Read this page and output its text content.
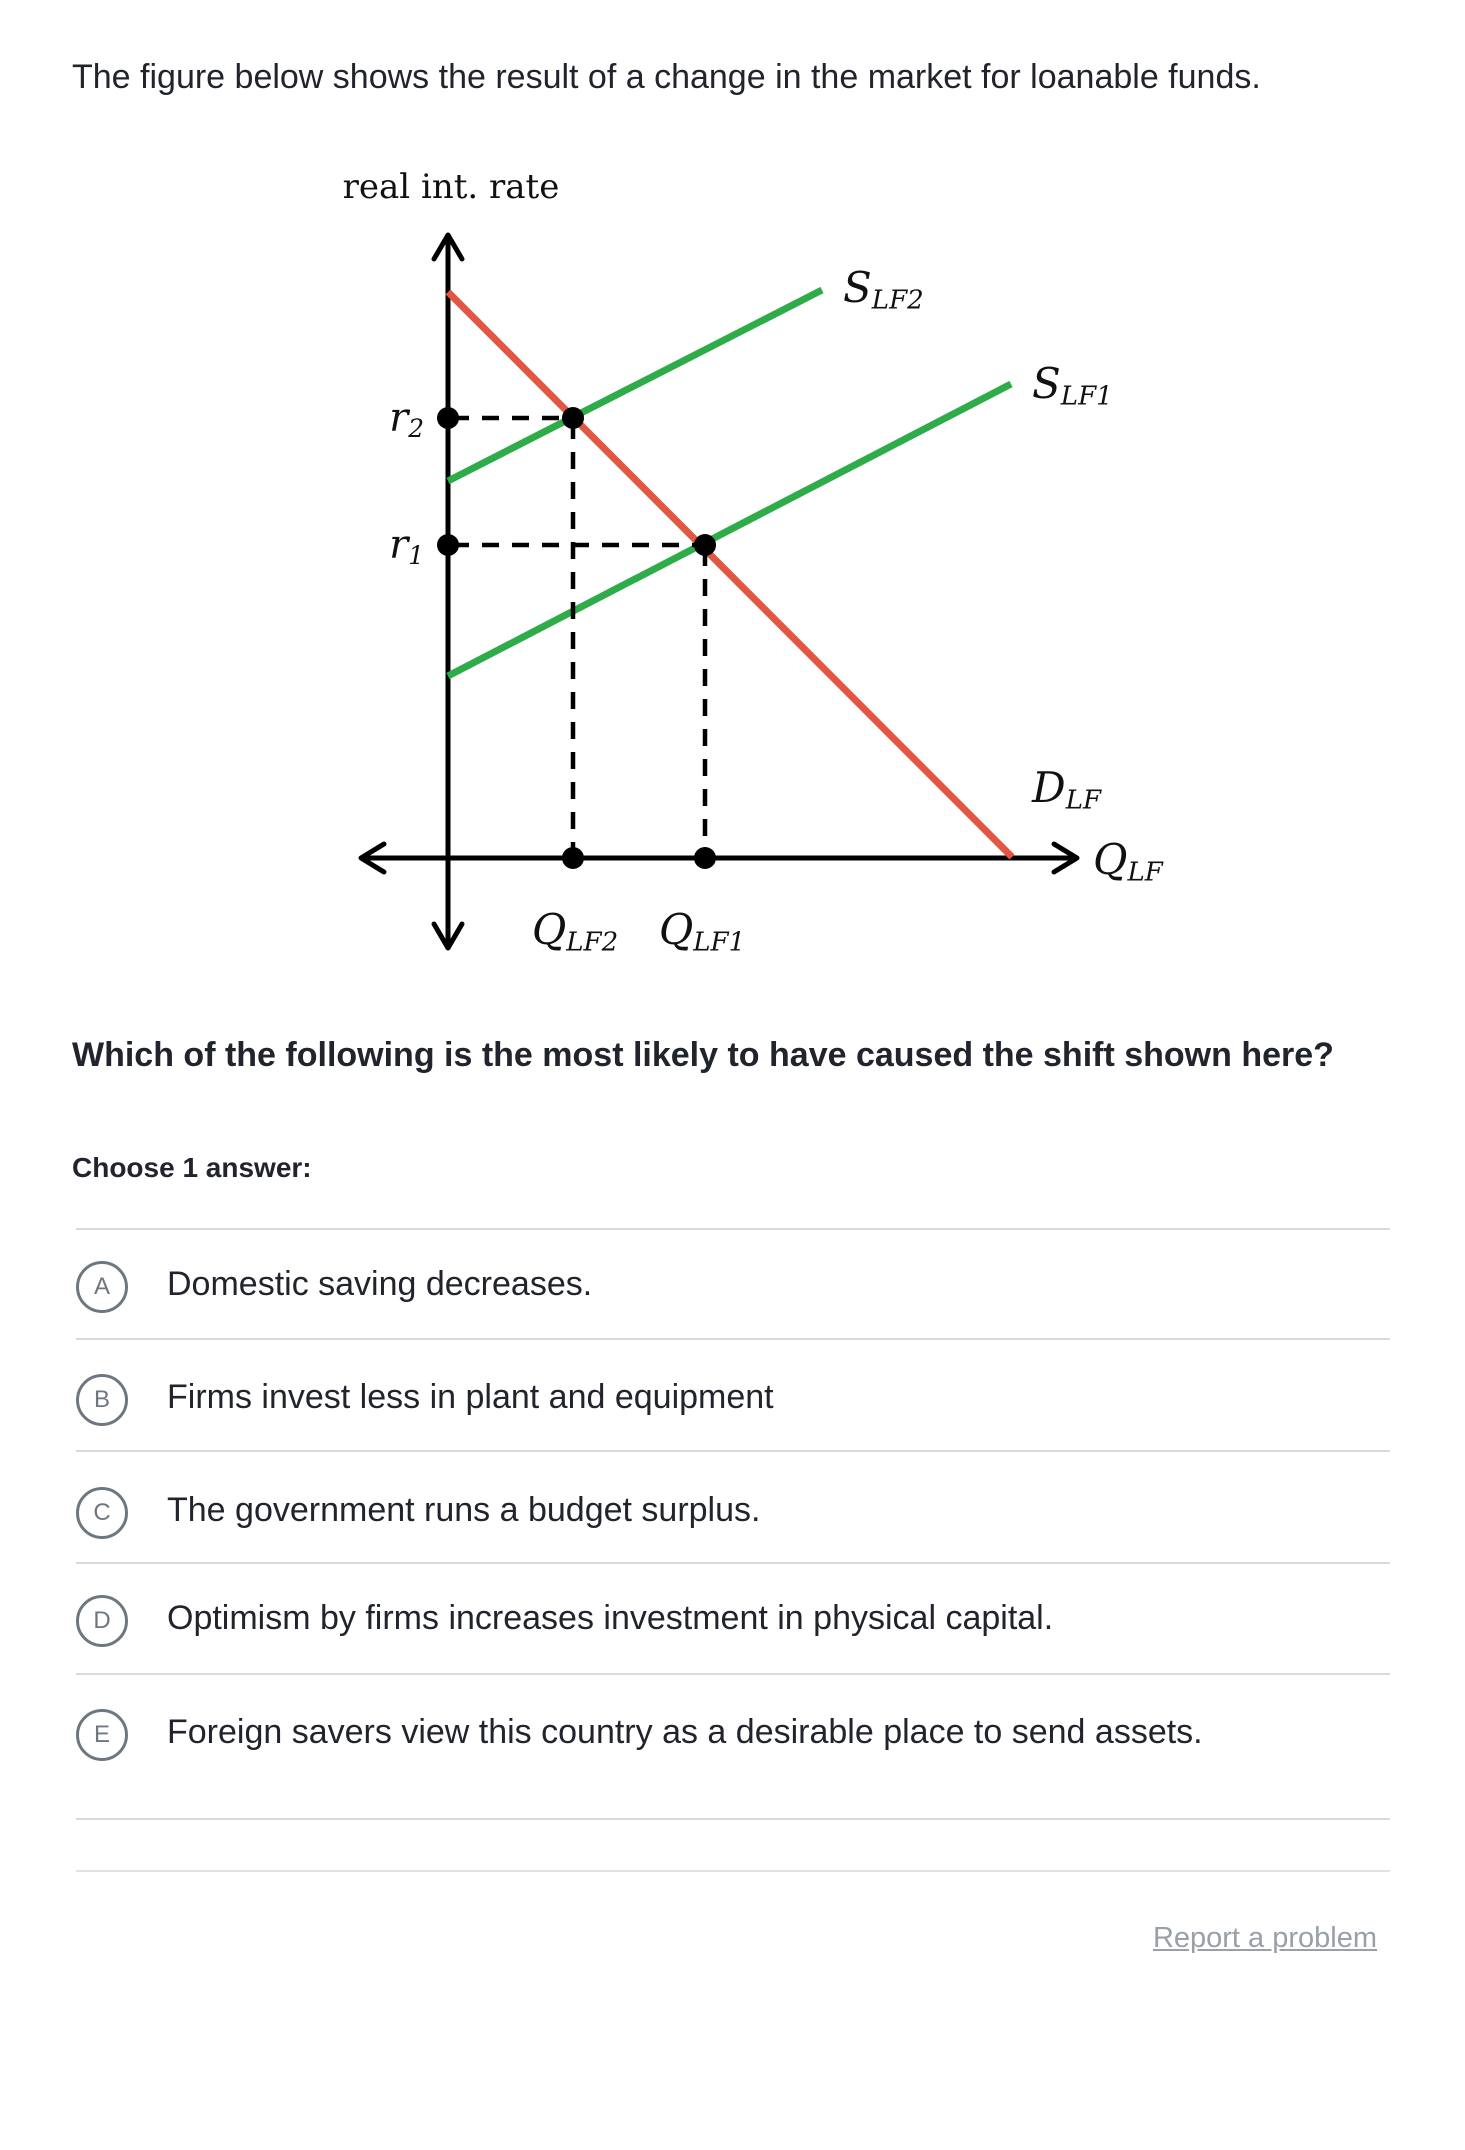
The figure below shows the result of a change in the market for loanable funds.

real int. rate
$r_2$
$r_1$
$S_{LF2}$
$S_{LF1}$
$D_{LF}$
$Q_{LF}$
$Q_{LF2}$ $Q_{LF1}$
Which of the following is the most likely to have caused the shift shown here?
Choose 1 answer:
A Domestic saving decreases.
B Firms invest less in plant and equipment
C The government runs a budget surplus.
D Optimism by firms increases investment in physical capital.
E Foreign savers view this country as a desirable place to send assets.
Report a problem
